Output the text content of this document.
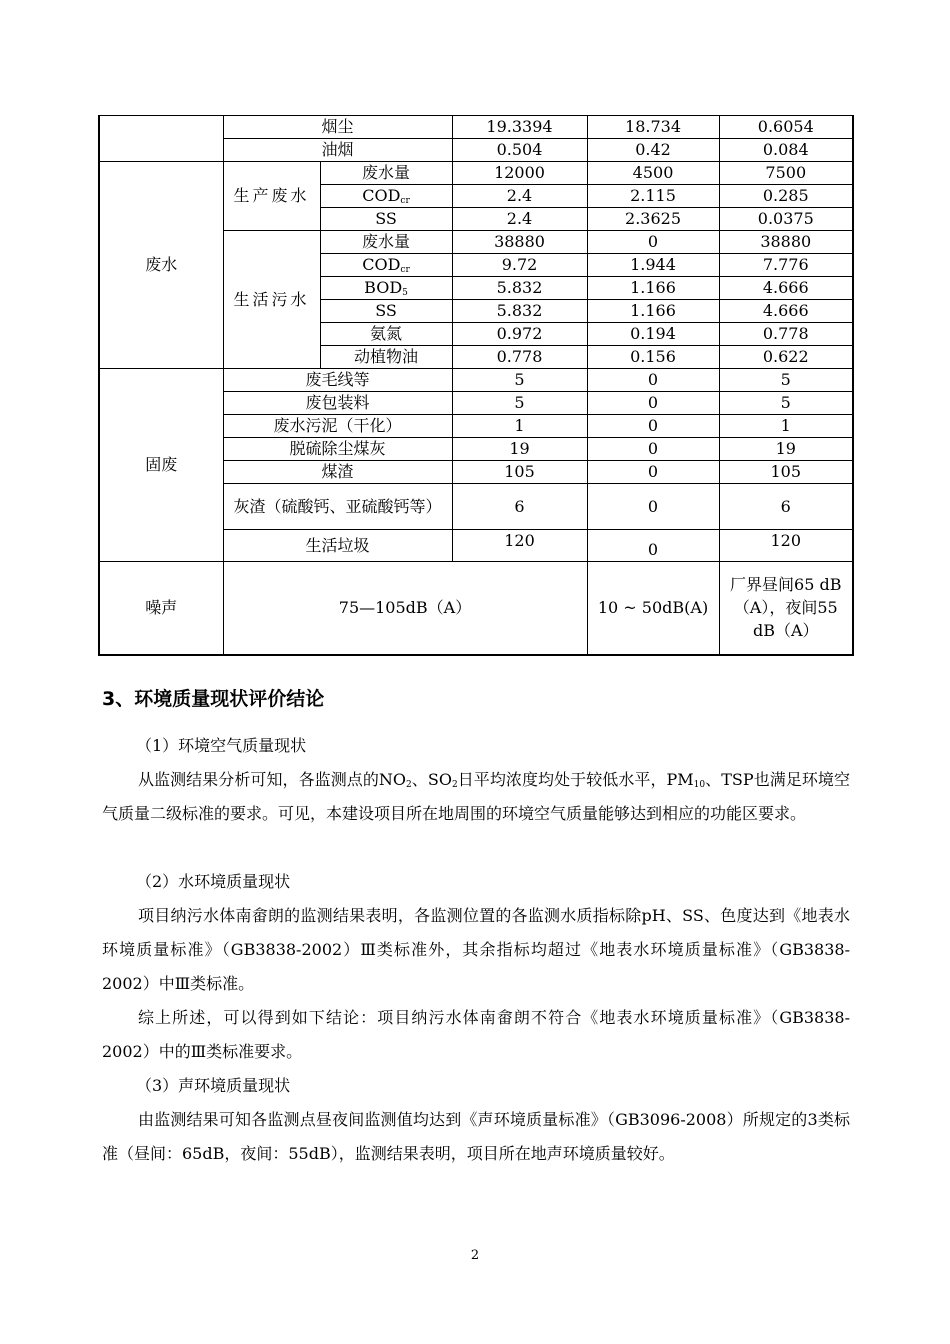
	烟尘		19.3394	18.734	0.6054
	油烟		0.504	0.42	0.084
废水	生产废水	废水量	12000	4500	7500
		$COD_{cr}$	2.4	2.115	0.285
		SS	2.4	2.3625	0.0375
	生活污水	废水量	38880	0	38880
		$COD_{cr}$	9.72	1.944	7.776
		$BOD_5$	5.832	1.166	4.666
		SS	5.832	1.166	4.666
		氨氮	0.972	0.194	0.778
		动植物油	0.778	0.156	0.622
固废	废毛线等		5	0	5
	废包装料		5	0	5
	废水污泥（干化）		1	0	1
	脱硫除尘煤灰		19	0	19
	煤渣		105	0	105
	灰渣（硫酸钙、亚硫酸钙等）		6	0	6
	生活垃圾		120	0	120
噪声	75—105dB（A）			10 ~ 50dB(A)	厂界昼间65 dB（A），夜间55 dB（A）
3、环境质量现状评价结论
（1）环境空气质量现状
从监测结果分析可知，各监测点的$NO_2$、$SO_2$日平均浓度均处于较低水平，$PM_{10}$、TSP也满足环境空气质量二级标准的要求。可见，本建设项目所在地周围的环境空气质量能够达到相应的功能区要求。
（2）水环境质量现状
项目纳污水体南畲朗的监测结果表明，各监测位置的各监测水质指标除pH、SS、色度达到《地表水环境质量标准》（GB3838-2002）Ⅲ类标准外，其余指标均超过《地表水环境质量标准》（GB3838-2002）中Ⅲ类标准。
综上所述，可以得到如下结论：项目纳污水体南畲朗不符合《地表水环境质量标准》（GB3838-2002）中的Ⅲ类标准要求。
（3）声环境质量现状
由监测结果可知各监测点昼夜间监测值均达到《声环境质量标准》（GB3096-2008）所规定的3类标准（昼间：65dB，夜间：55dB），监测结果表明，项目所在地声环境质量较好。
2
